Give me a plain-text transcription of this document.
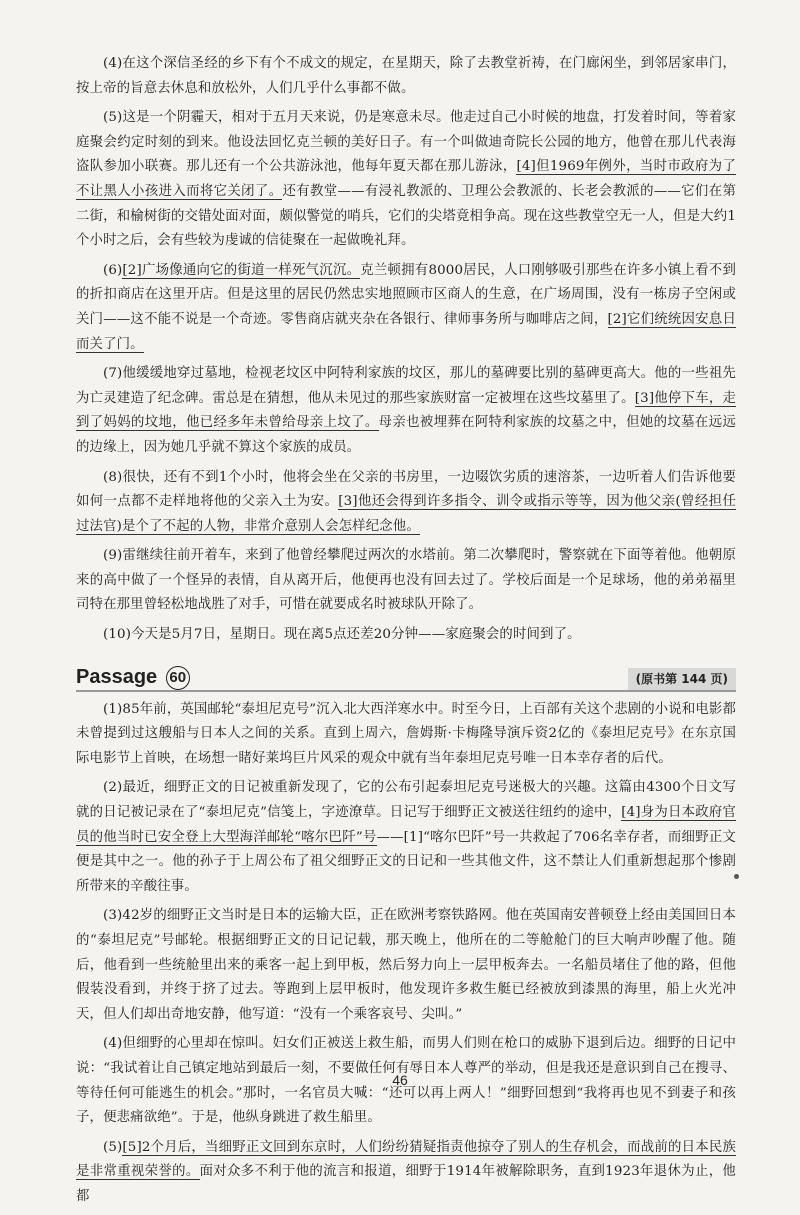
(4)在这个深信圣经的乡下有个不成文的规定，在星期天，除了去教堂祈祷，在门廊闲坐，到邻居家串门，按上帝的旨意去休息和放松外，人们几乎什么事都不做。

(5)这是一个阴霾天，相对于五月天来说，仍是寒意未尽。他走过自己小时候的地盘，打发着时间，等着家庭聚会约定时刻的到来。他设法回忆克兰顿的美好日子。有一个叫做迪奇院长公园的地方，他曾在那儿代表海盗队参加小联赛。那儿还有一个公共游泳池，他每年夏天都在那儿游泳，[4]但1969年例外，当时市政府为了不让黑人小孩进入而将它关闭了。还有教堂——有浸礼教派的、卫理公会教派的、长老会教派的——它们在第二街，和榆树街的交错处面对面，颇似警觉的哨兵，它们的尖塔竟相争高。现在这些教堂空无一人，但是大约1个小时之后，会有些较为虔诚的信徒聚在一起做晚礼拜。

(6)[2]广场像通向它的街道一样死气沉沉。克兰顿拥有8000居民，人口刚够吸引那些在许多小镇上看不到的折扣商店在这里开店。但是这里的居民仍然忠实地照顾市区商人的生意，在广场周围，没有一栋房子空闲或关门——这不能不说是一个奇迹。零售商店就夹杂在各银行、律师事务所与咖啡店之间，[2]它们统统因安息日而关了门。

(7)他缓缓地穿过墓地，检视老坟区中阿特利家族的坟区，那儿的墓碑要比别的墓碑更高大。他的一些祖先为亡灵建造了纪念碑。雷总是在猜想，他从未见过的那些家族财富一定被埋在这些坟墓里了。[3]他停下车，走到了妈妈的坟地，他已经多年未曾给母亲上坟了。母亲也被埋葬在阿特利家族的坟墓之中，但她的坟墓在远远的边缘上，因为她几乎就不算这个家族的成员。

(8)很快，还有不到1个小时，他将会坐在父亲的书房里，一边啜饮劣质的速溶茶，一边听着人们告诉他要如何一点都不走样地将他的父亲入土为安。[3]他还会得到许多指令、训令或指示等等，因为他父亲(曾经担任过法官)是个了不起的人物，非常介意别人会怎样纪念他。

(9)雷继续往前开着车，来到了他曾经攀爬过两次的水塔前。第二次攀爬时，警察就在下面等着他。他朝原来的高中做了一个怪异的表情，自从离开后，他便再也没有回去过了。学校后面是一个足球场，他的弟弟福里司特在那里曾轻松地战胜了对手，可惜在就要成名时被球队开除了。

(10)今天是5月7日，星期日。现在离5点还差20分钟——家庭聚会的时间到了。

Passage 60	(原书第 144 页)

(1)85年前，英国邮轮“泰坦尼克号”沉入北大西洋寒水中。时至今日，上百部有关这个悲剧的小说和电影都未曾提到过这艘船与日本人之间的关系。直到上周六，詹姆斯·卡梅隆导演斥资2亿的《泰坦尼克号》在东京国际电影节上首映，在场想一睹好莱坞巨片风采的观众中就有当年泰坦尼克号唯一日本幸存者的后代。

(2)最近，细野正文的日记被重新发现了，它的公布引起泰坦尼克号迷极大的兴趣。这篇由4300个日文写就的日记被记录在了“泰坦尼克”信笺上，字迹潦草。日记写于细野正文被送往纽约的途中，[4]身为日本政府官员的他当时已安全登上大型海洋邮轮“喀尔巴阡”号——[1]“喀尔巴阡”号一共救起了706名幸存者，而细野正文便是其中之一。他的孙子于上周公布了祖父细野正文的日记和一些其他文件，这不禁让人们重新想起那个惨剧所带来的辛酸往事。

(3)42岁的细野正文当时是日本的运输大臣，正在欧洲考察铁路网。他在英国南安普顿登上经由美国回日本的“泰坦尼克”号邮轮。根据细野正文的日记记载，那天晚上，他所在的二等舱舱门的巨大响声吵醒了他。随后，他看到一些统舱里出来的乘客一起上到甲板，然后努力向上一层甲板奔去。一名船员堵住了他的路，但他假装没看到，并终于挤了过去。等跑到上层甲板时，他发现许多救生艇已经被放到漆黑的海里，船上火光冲天，但人们却出奇地安静，他写道：“没有一个乘客哀号、尖叫。”

(4)但细野的心里却在惊叫。妇女们正被送上救生船，而男人们则在枪口的威胁下退到后边。细野的日记中说：“我试着让自己镇定地站到最后一刻，不要做任何有辱日本人尊严的举动，但是我还是意识到自己在搜寻、等待任何可能逃生的机会。”那时，一名官员大喊：“还可以再上两人！”细野回想到“我将再也见不到妻子和孩子，便悲痛欲绝”。于是，他纵身跳进了救生船里。

(5)[5]2个月后，当细野正文回到东京时，人们纷纷猜疑指责他掠夺了别人的生存机会，而战前的日本民族是非常重视荣誉的。面对众多不利于他的流言和报道，细野于1914年被解除职务，直到1923年退休为止，他都

46
